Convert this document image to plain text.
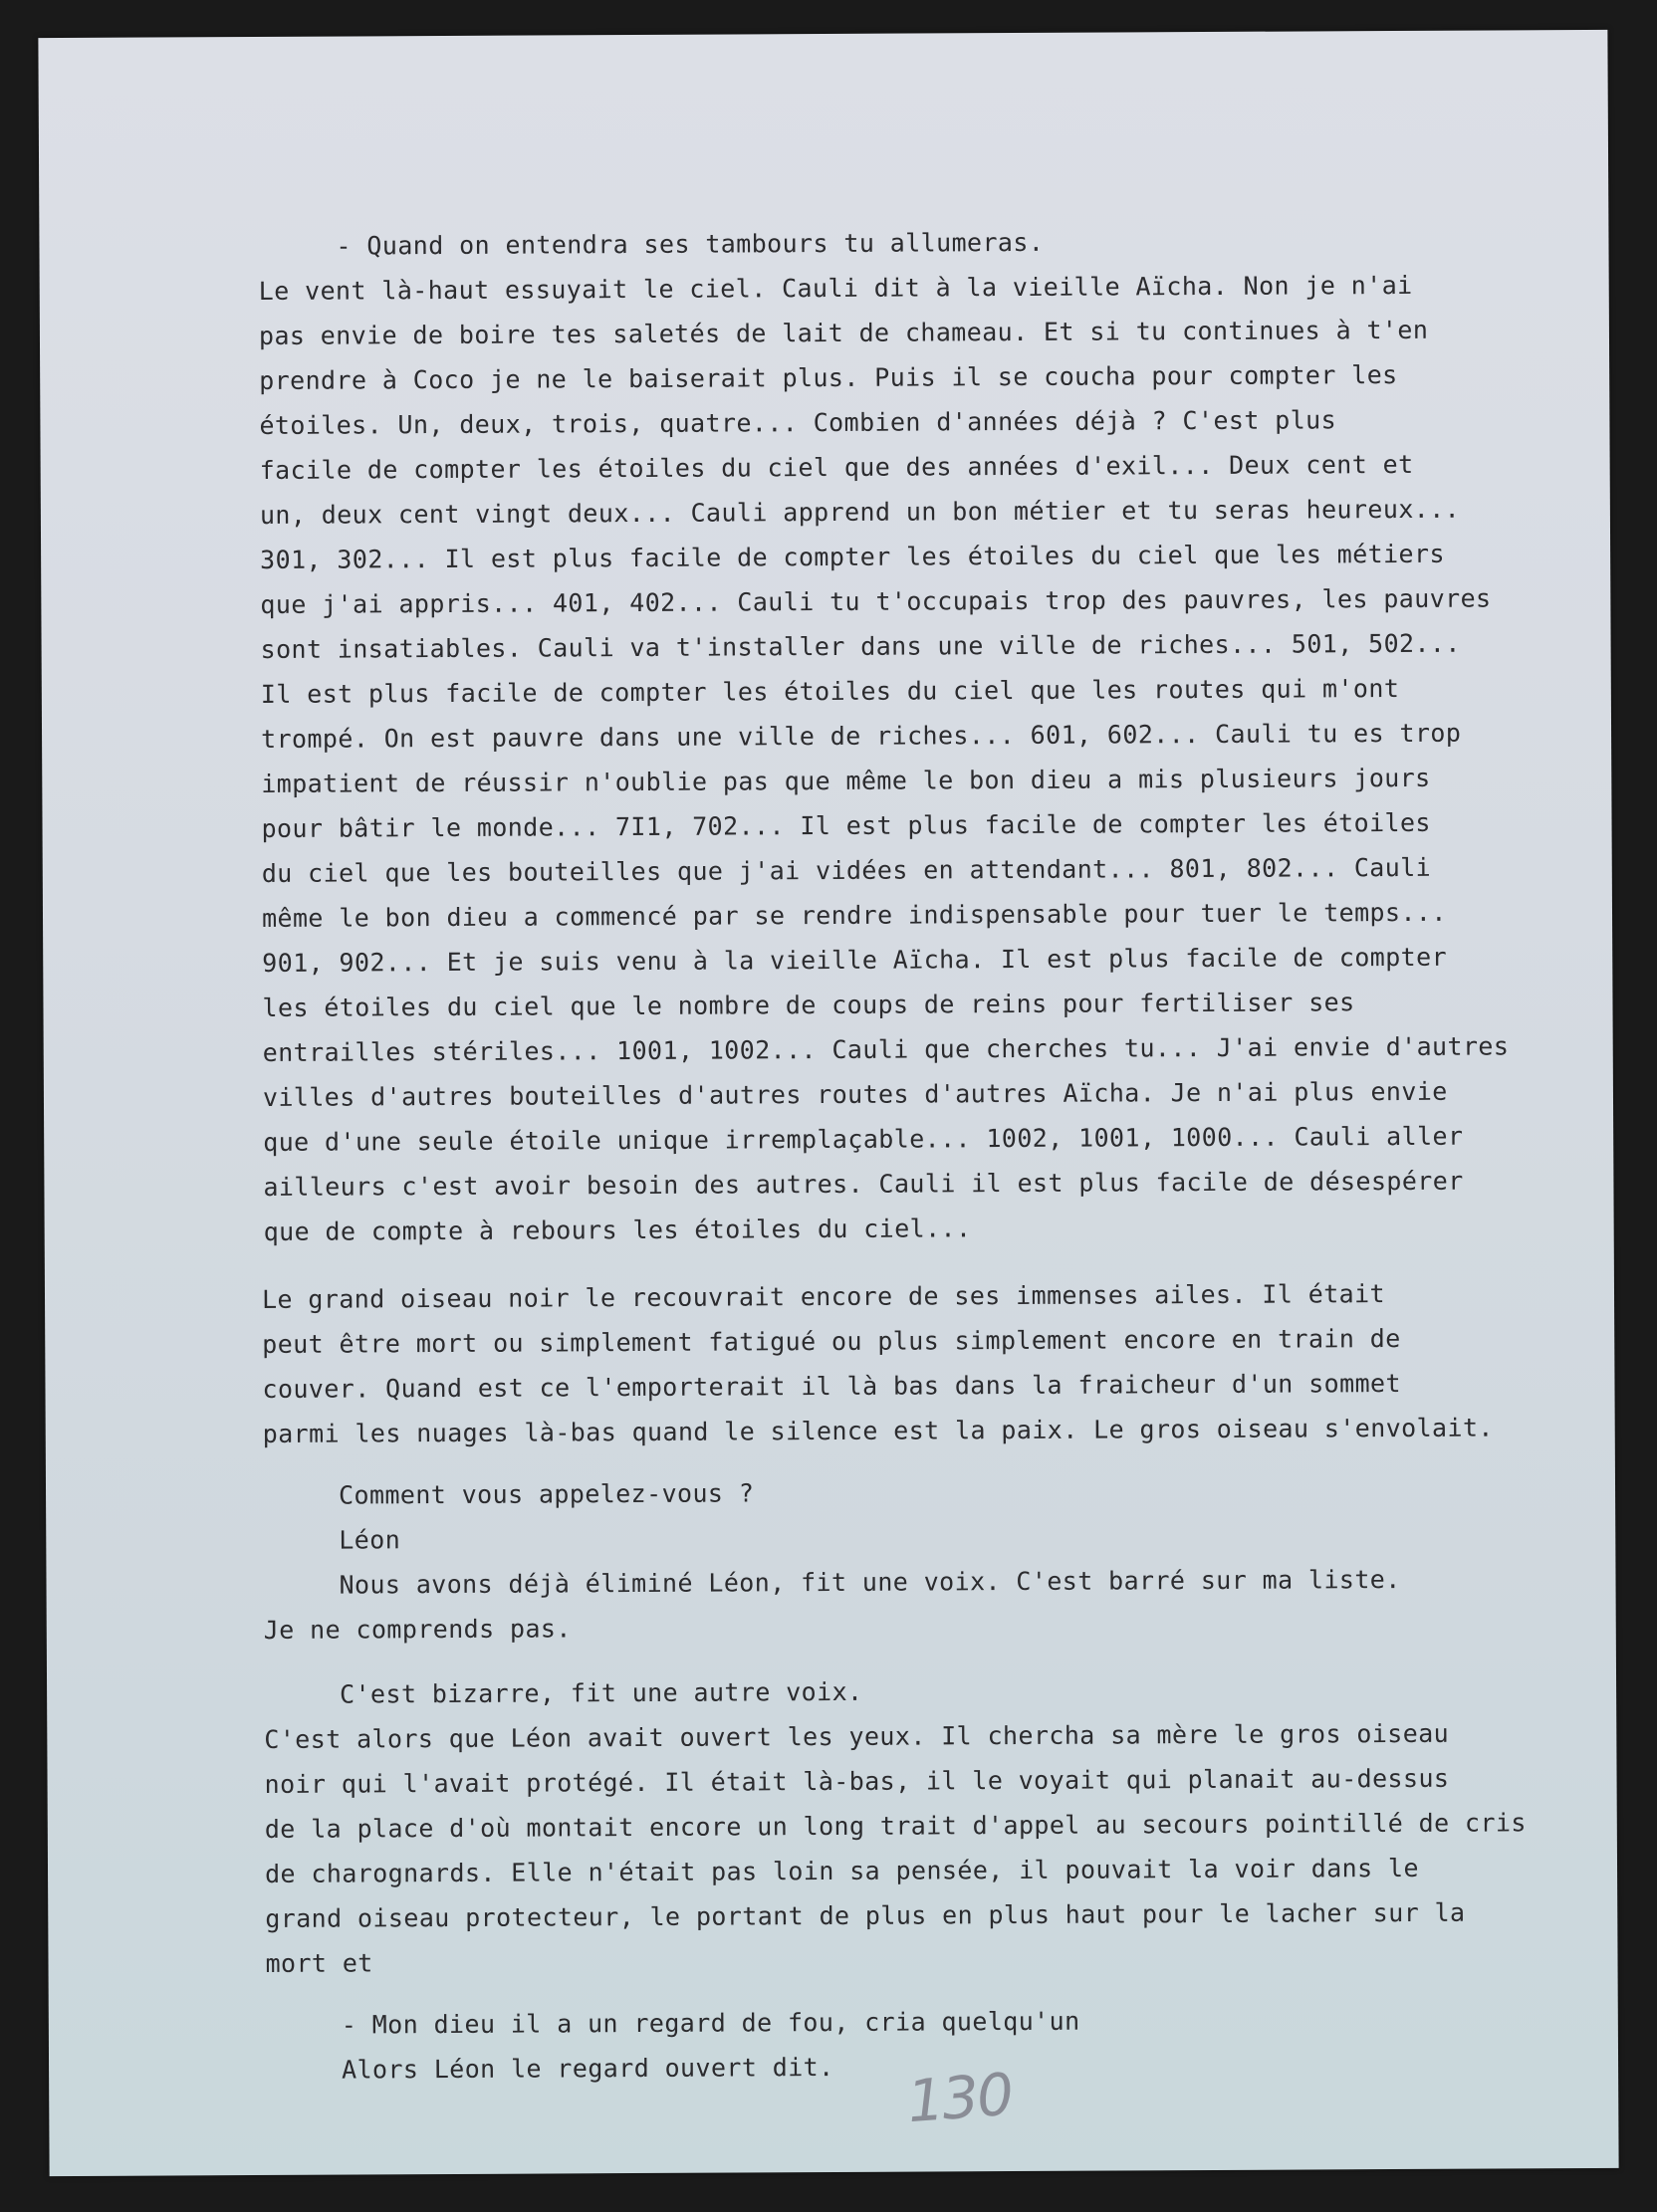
- Quand on entendra ses tambours tu allumeras.
Le vent là-haut essuyait le ciel. Cauli dit à la vieille Aïcha. Non je n'ai
pas envie de boire tes saletés de lait de chameau. Et si tu continues à t'en
prendre à Coco je ne le baiserait plus. Puis il se coucha pour compter les
étoiles. Un, deux, trois, quatre... Combien d'années déjà ? C'est plus
facile de compter les étoiles du ciel que des années d'exil... Deux cent et
un, deux cent vingt deux... Cauli apprend un bon métier et tu seras heureux...
301, 302... Il est plus facile de compter les étoiles du ciel que les métiers
que j'ai appris... 401, 402... Cauli tu t'occupais trop des pauvres, les pauvres
sont insatiables. Cauli va t'installer dans une ville de riches... 501, 502...
Il est plus facile de compter les étoiles du ciel que les routes qui m'ont
trompé. On est pauvre dans une ville de riches... 601, 602... Cauli tu es trop
impatient de réussir n'oublie pas que même le bon dieu a mis plusieurs jours
pour bâtir le monde... 7I1, 702... Il est plus facile de compter les étoiles
du ciel que les bouteilles que j'ai vidées en attendant... 801, 802... Cauli
même le bon dieu a commencé par se rendre indispensable pour tuer le temps...
901, 902... Et je suis venu à la vieille Aïcha. Il est plus facile de compter
les étoiles du ciel que le nombre de coups de reins pour fertiliser ses
entrailles stériles... 1001, 1002... Cauli que cherches tu... J'ai envie d'autres
villes d'autres bouteilles d'autres routes d'autres Aïcha. Je n'ai plus envie
que d'une seule étoile unique irremplaçable... 1002, 1001, 1000... Cauli aller
ailleurs c'est avoir besoin des autres. Cauli il est plus facile de désespérer
que de compte à rebours les étoiles du ciel...
Le grand oiseau noir le recouvrait encore de ses immenses ailes. Il était
peut être mort ou simplement fatigué ou plus simplement encore en train de
couver. Quand est ce l'emporterait il là bas dans la fraicheur d'un sommet
parmi les nuages là-bas quand le silence est la paix. Le gros oiseau s'envolait.
Comment vous appelez-vous ?
Léon
Nous avons déjà éliminé Léon, fit une voix. C'est barré sur ma liste.
Je ne comprends pas.
C'est bizarre, fit une autre voix.
C'est alors que Léon avait ouvert les yeux. Il chercha sa mère le gros oiseau
noir qui l'avait protégé. Il était là-bas, il le voyait qui planait au-dessus
de la place d'où montait encore un long trait d'appel au secours pointillé de cris
de charognards. Elle n'était pas loin sa pensée, il pouvait la voir dans le
grand oiseau protecteur, le portant de plus en plus haut pour le lacher sur la
mort et
- Mon dieu il a un regard de fou, cria quelqu'un
Alors Léon le regard ouvert dit. 130
